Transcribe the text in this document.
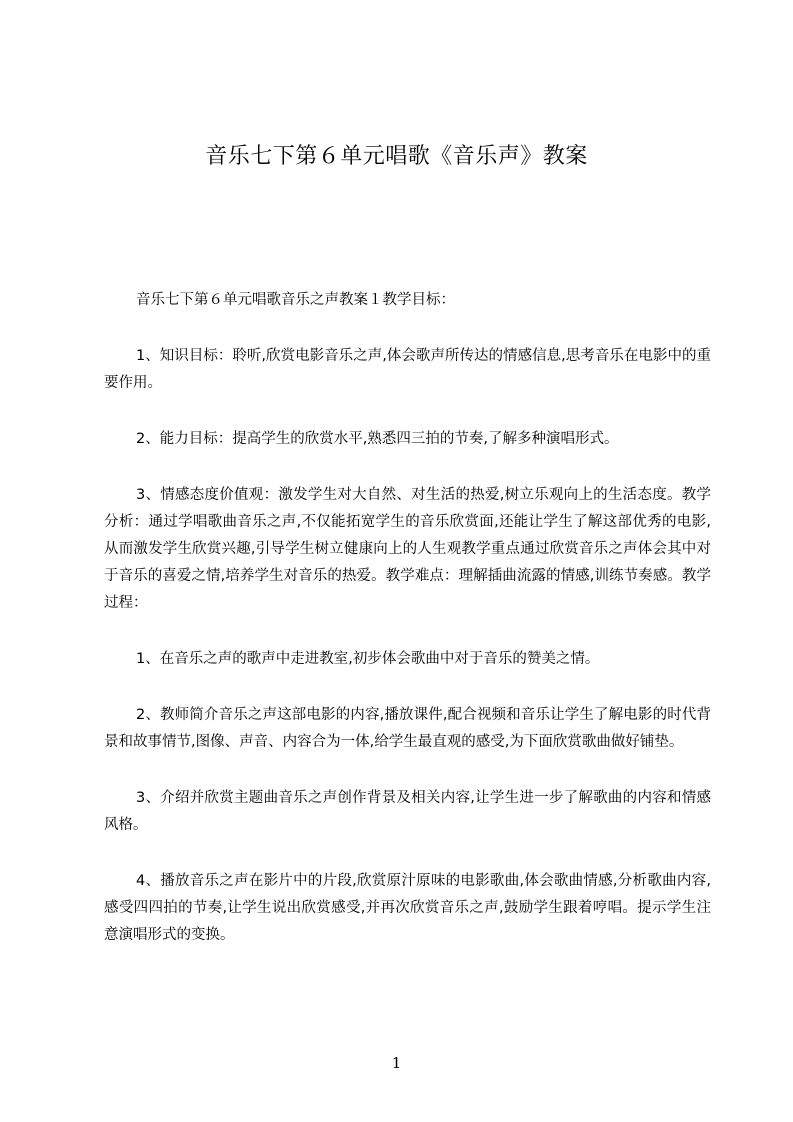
音乐七下第６单元唱歌《音乐声》教案

音乐七下第６单元唱歌音乐之声教案１教学目标：

1、知识目标：聆听,欣赏电影音乐之声,体会歌声所传达的情感信息,思考音乐在电影中的重要作用。

2、能力目标：提高学生的欣赏水平,熟悉四三拍的节奏,了解多种演唱形式。

3、情感态度价值观：激发学生对大自然、对生活的热爱,树立乐观向上的生活态度。教学分析：通过学唱歌曲音乐之声,不仅能拓宽学生的音乐欣赏面,还能让学生了解这部优秀的电影,从而激发学生欣赏兴趣,引导学生树立健康向上的人生观教学重点通过欣赏音乐之声体会其中对于音乐的喜爱之情,培养学生对音乐的热爱。教学难点：理解插曲流露的情感,训练节奏感。教学过程：

1、在音乐之声的歌声中走进教室,初步体会歌曲中对于音乐的赞美之情。

2、教师简介音乐之声这部电影的内容,播放课件,配合视频和音乐让学生了解电影的时代背景和故事情节,图像、声音、内容合为一体,给学生最直观的感受,为下面欣赏歌曲做好铺垫。

3、介绍并欣赏主题曲音乐之声创作背景及相关内容,让学生进一步了解歌曲的内容和情感风格。

4、播放音乐之声在影片中的片段,欣赏原汁原味的电影歌曲,体会歌曲情感,分析歌曲内容,感受四四拍的节奏,让学生说出欣赏感受,并再次欣赏音乐之声,鼓励学生跟着哼唱。提示学生注意演唱形式的变换。

1
